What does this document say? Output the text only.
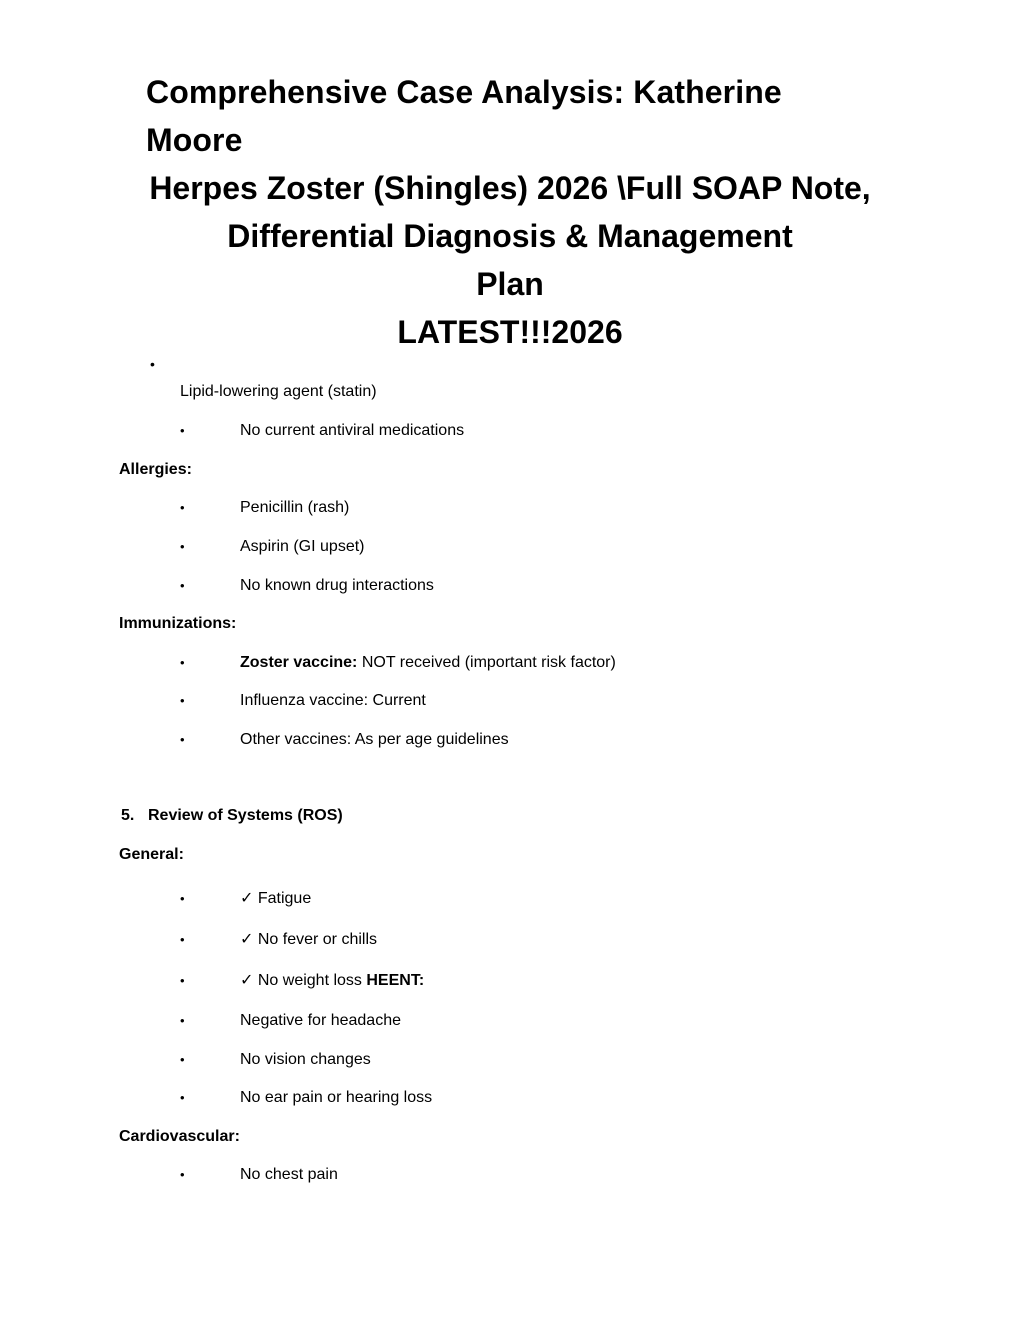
Comprehensive Case Analysis: Katherine

Moore

Herpes Zoster (Shingles) 2026 \Full SOAP Note,
Differential Diagnosis & Management
Plan

LATEST!!!2026

•
Lipid-lowering agent (statin)
•	No current antiviral medications
Allergies:
•	Penicillin (rash)
•	Aspirin (GI upset)
•	No known drug interactions
Immunizations:
•	Zoster vaccine: NOT received (important risk factor)
•	Influenza vaccine: Current
•	Other vaccines: As per age guidelines
5. Review of Systems (ROS)
General:
•	✓ Fatigue
•	✓ No fever or chills
•	✓ No weight loss HEENT:
•	Negative for headache
•	No vision changes
•	No ear pain or hearing loss
Cardiovascular:
•	No chest pain
